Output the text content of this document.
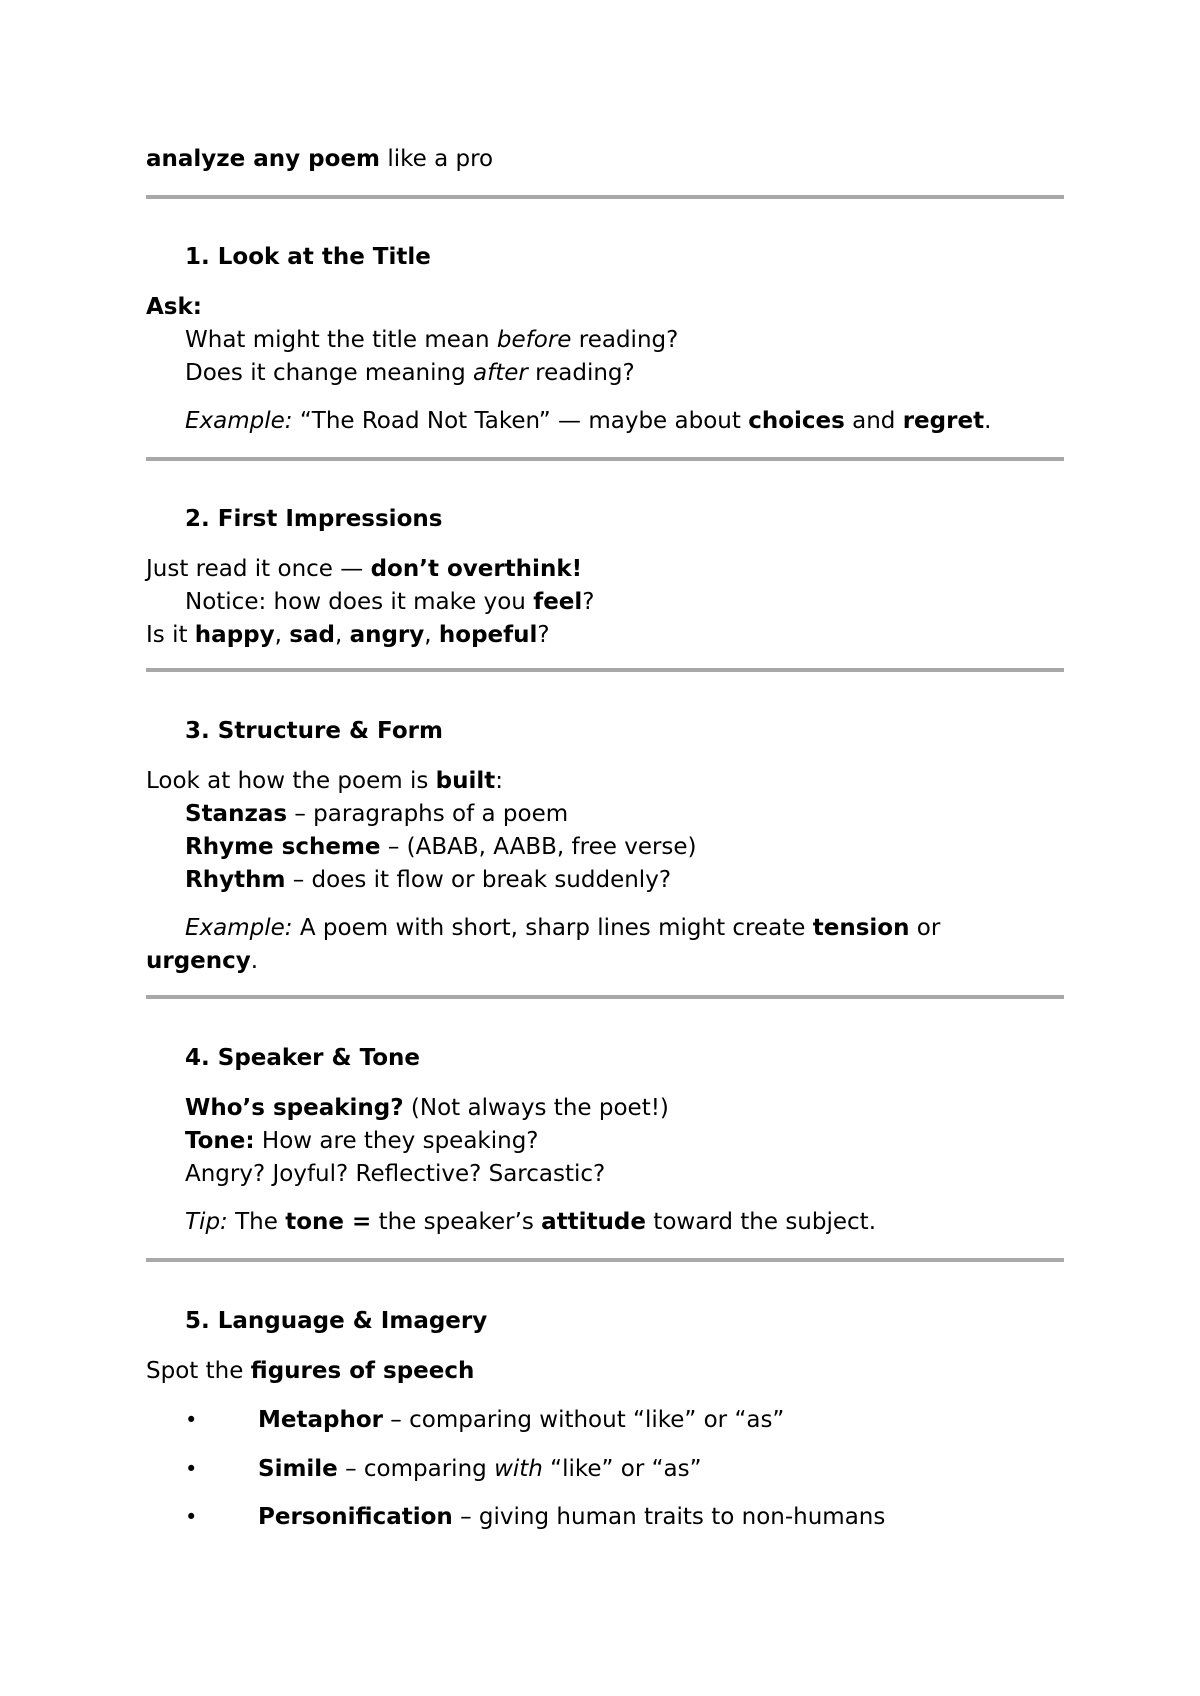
analyze any poem like a pro
1. Look at the Title
Ask:
What might the title mean before reading?
Does it change meaning after reading?
Example: “The Road Not Taken” — maybe about choices and regret.
2. First Impressions
Just read it once — don’t overthink!
Notice: how does it make you feel?
Is it happy, sad, angry, hopeful?
3. Structure & Form
Look at how the poem is built:
Stanzas – paragraphs of a poem
Rhyme scheme – (ABAB, AABB, free verse)
Rhythm – does it flow or break suddenly?
Example: A poem with short, sharp lines might create tension or
urgency.
4. Speaker & Tone
Who’s speaking? (Not always the poet!)
Tone: How are they speaking?
Angry? Joyful? Reflective? Sarcastic?
Tip: The tone = the speaker’s attitude toward the subject.
5. Language & Imagery
Spot the figures of speech
•	Metaphor – comparing without “like” or “as”
•	Simile – comparing with “like” or “as”
•	Personification – giving human traits to non-humans
